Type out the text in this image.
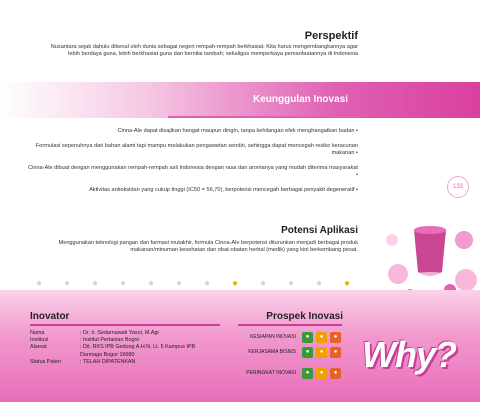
Perspektif
Nusantara sejak dahulu dikenal oleh dunia sebagai negeri rempah-rempah berkhasiat. Kita harus mengembangkannya agar lebih berdaya guna, lebih berkhasiat guna dan bernilai tambah; sekaligus memperkaya pemanfaatannya di Indonesia
Keunggulan Inovasi
Cinna-Ale dapat disajikan hangat maupun dingin, tanpa kehilangan efek menghangatkan badan •
Formulasi sepenuhnya dari bahan alami tapi mampu melakukan pengawetan sendiri, sehingga dapat mencegah resiko keracunan makanan •
Cinna-Ale dibuat dengan menggunakan rempah-rempah asli Indonesia dengan rasa dan aromanya yang mudah diterima masyarakat •
Aktivitas antioksidan yang cukup tinggi (IC50 = 56,70), berpotensi mencegah berbagai penyakit degeneratif •	133
Potensi Aplikasi
Menggunakan teknologi pangan dan farmasi mutakhir, formula Cinna-Ale berpotensi diturunkan menjadi berbagai produk makanan/minuman kesehatan dan obat-obatan herbal (medik) yang kini berkembang pesat.
●	●	●	●	●	●	●	●	●	●	●	●
Inovator
Nama	: Dr. Ir. Sedarnawati Yasni, M.Agr
Institusi	: Institut Pertanian Bogor
Alamat	: Dit. RKS IPB Gedung A.H.N. Lt. 5 Kampus IPB
Darmaga Bogor 16680
Status Paten	: TELAH DIPATENKAN
Prospek Inovasi
KESIAPAN INOVASI	●	●	●
KERJASAMA BISNIS	●	●	●
PERINGKAT INOVASI	●	●	● Why?
